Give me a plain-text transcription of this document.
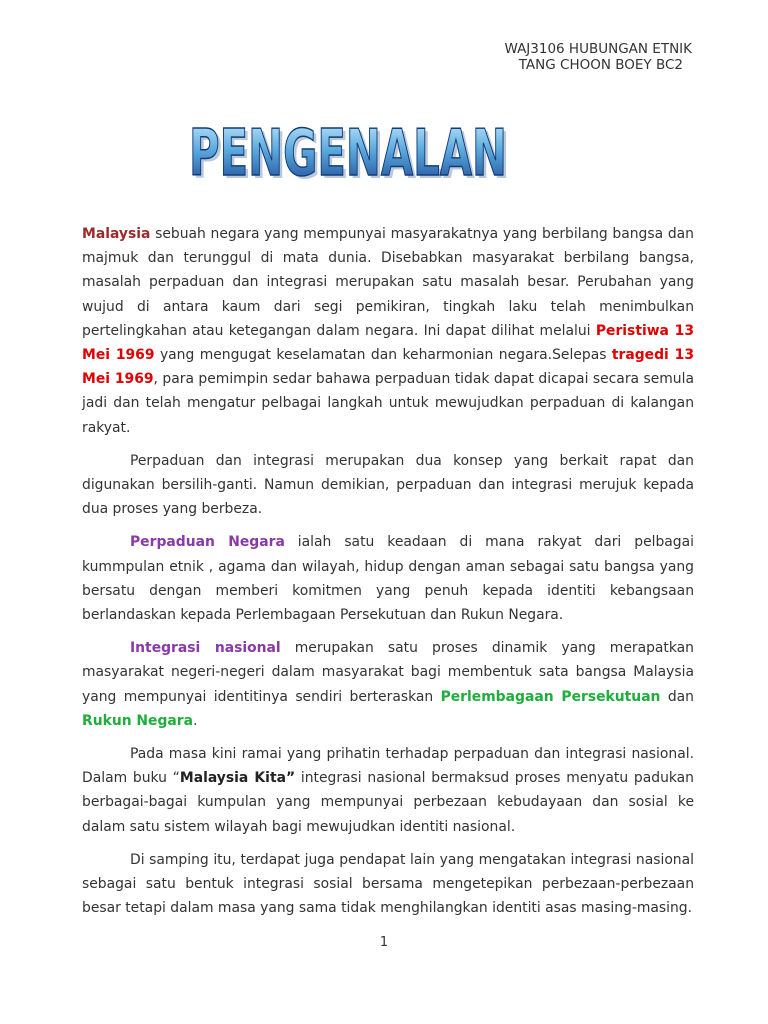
WAJ3106 HUBUNGAN ETNIK
TANG CHOON BOEY BC2
PENGENALAN
PENGENALAN

Malaysia sebuah negara yang mempunyai masyarakatnya yang berbilang bangsa dan majmuk dan terunggul di mata dunia. Disebabkan masyarakat berbilang bangsa, masalah perpaduan dan integrasi merupakan satu masalah besar. Perubahan yang wujud di antara kaum dari segi pemikiran, tingkah laku telah menimbulkan pertelingkahan atau ketegangan dalam negara. Ini dapat dilihat melalui Peristiwa 13 Mei 1969 yang mengugat keselamatan dan keharmonian negara.Selepas tragedi 13 Mei 1969, para pemimpin sedar bahawa perpaduan tidak dapat dicapai secara semula jadi dan telah mengatur pelbagai langkah untuk mewujudkan perpaduan di kalangan rakyat.

Perpaduan dan integrasi merupakan dua konsep yang berkait rapat dan digunakan bersilih-ganti. Namun demikian, perpaduan dan integrasi merujuk kepada dua proses yang berbeza.

Perpaduan Negara ialah satu keadaan di mana rakyat dari pelbagai kummpulan etnik , agama dan wilayah, hidup dengan aman sebagai satu bangsa yang bersatu dengan memberi komitmen yang penuh kepada identiti kebangsaan berlandaskan kepada Perlembagaan Persekutuan dan Rukun Negara.

Integrasi nasional merupakan satu proses dinamik yang merapatkan masyarakat negeri-negeri dalam masyarakat bagi membentuk sata bangsa Malaysia yang mempunyai identitinya sendiri berteraskan Perlembagaan Persekutuan dan Rukun Negara.

Pada masa kini ramai yang prihatin terhadap perpaduan dan integrasi nasional. Dalam buku “Malaysia Kita” integrasi nasional bermaksud proses menyatu padukan berbagai-bagai kumpulan yang mempunyai perbezaan kebudayaan dan sosial ke dalam satu sistem wilayah bagi mewujudkan identiti nasional.

Di samping itu, terdapat juga pendapat lain yang mengatakan integrasi nasional sebagai satu bentuk integrasi sosial bersama mengetepikan perbezaan-perbezaan besar tetapi dalam masa yang sama tidak menghilangkan identiti asas masing-masing.

1
